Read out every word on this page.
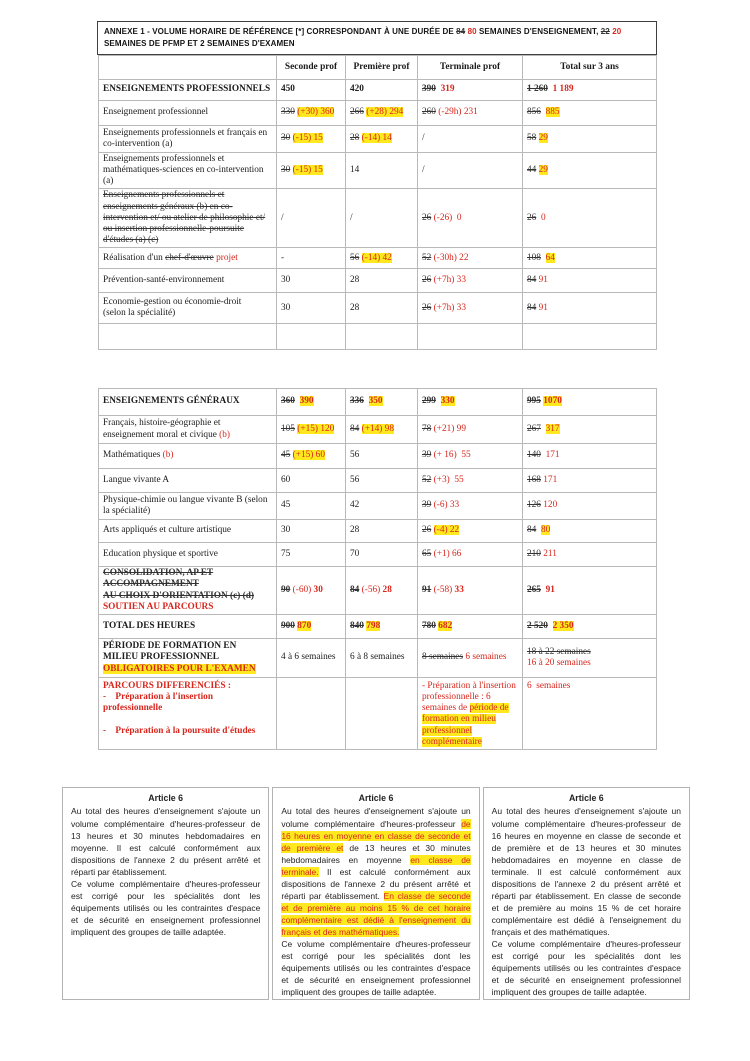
ANNEXE 1 - VOLUME HORAIRE DE RÉFÉRENCE [*] CORRESPONDANT À UNE DURÉE DE 84 80 SEMAINES D'ENSEIGNEMENT, 22 20 SEMAINES DE PFMP ET 2 SEMAINES D'EXAMEN
	Seconde prof	Première prof	Terminale prof	Total sur 3 ans
ENSEIGNEMENTS PROFESSIONNELS	450	420	390 319	1 260 1 189
Enseignement professionnel	330 (+30) 360	266 (+28) 294	260 (-29h) 231	856 885
Enseignements professionnels et français en co-intervention (a)	30 (-15) 15	28 (-14) 14	/	58 29
Enseignements professionnels et mathématiques-sciences en co-intervention (a)	30 (-15) 15	14	/	44 29
Enseignements professionnels et enseignements généraux (b) en co-intervention et/ ou atelier de philosophie et/ ou insertion professionnelle-poursuite d'études (a) (c)	/	/	26 (-26)  0	26 0
Réalisation d'un chef-d'œuvre projet	-	56 (-14) 42	52 (-30h) 22	108 64
Prévention-santé-environnement	30	28	26 (+7h) 33	84 91
Economie-gestion ou économie-droit
(selon la spécialité)	30	28	26 (+7h) 33	84 91

ENSEIGNEMENTS GÉNÉRAUX	360 390	336 350	299 330	995 1070
Français, histoire-géographie et enseignement moral et civique (b)	105 (+15) 120	84 (+14) 98	78 (+21) 99	267 317
Mathématiques (b)	45 (+15) 60	56	39 (+ 16)  55	140 171
Langue vivante A	60	56	52 (+3)  55	168 171
Physique-chimie ou langue vivante B (selon la spécialité)	45	42	39 (-6) 33	126 120
Arts appliqués et culture artistique	30	28	26 (-4) 22	84 80
Education physique et sportive	75	70	65 (+1) 66	210 211
CONSOLIDATION, AP ET ACCOMPAGNEMENT
AU CHOIX D'ORIENTATION (c) (d)
SOUTIEN AU PARCOURS	90 (-60) 30	84 (-56) 28	91 (-58) 33	265 91
TOTAL DES HEURES	900 870	840 798	780 682	2 520 2 350
PÉRIODE DE FORMATION EN MILIEU PROFESSIONNEL OBLIGATOIRES POUR L'EXAMEN	4 à 6 semaines	6 à 8 semaines	8 semaines 6 semaines	18 à 22 semaines
16 à 20 semaines
PARCOURS DIFFERENCIÉS :
-    Préparation à l'insertion professionnelle

-    Préparation à la poursuite d'études			- Préparation à l'insertion professionnelle : 6 semaines de période de formation en milieu professionnel complémentaire	6  semaines
Article 6
Au total des heures d'enseignement s'ajoute un volume complémentaire d'heures-professeur de 13 heures et 30 minutes hebdomadaires en moyenne. Il est calculé conformément aux dispositions de l'annexe 2 du présent arrêté et réparti par établissement.
Ce volume complémentaire d'heures-professeur est corrigé pour les spécialités dont les équipements utilisés ou les contraintes d'espace et de sécurité en enseignement professionnel impliquent des groupes de taille adaptée.
Article 6
Au total des heures d'enseignement s'ajoute un volume complémentaire d'heures-professeur de 16 heures en moyenne en classe de seconde et de première et de 13 heures et 30 minutes hebdomadaires en moyenne en classe de terminale. Il est calculé conformément aux dispositions de l'annexe 2 du présent arrêté et réparti par établissement. En classe de seconde et de première au moins 15 % de cet horaire complémentaire est dédié à l'enseignement du français et des mathématiques.
Ce volume complémentaire d'heures-professeur est corrigé pour les spécialités dont les équipements utilisés ou les contraintes d'espace et de sécurité en enseignement professionnel impliquent des groupes de taille adaptée.
Article 6
Au total des heures d'enseignement s'ajoute un volume complémentaire d'heures-professeur de 16 heures en moyenne en classe de seconde et de première et de 13 heures et 30 minutes hebdomadaires en moyenne en classe de terminale. Il est calculé conformément aux dispositions de l'annexe 2 du présent arrêté et réparti par établissement. En classe de seconde et de première au moins 15 % de cet horaire complémentaire est dédié à l'enseignement du français et des mathématiques.
Ce volume complémentaire d'heures-professeur est corrigé pour les spécialités dont les équipements utilisés ou les contraintes d'espace et de sécurité en enseignement professionnel impliquent des groupes de taille adaptée.
